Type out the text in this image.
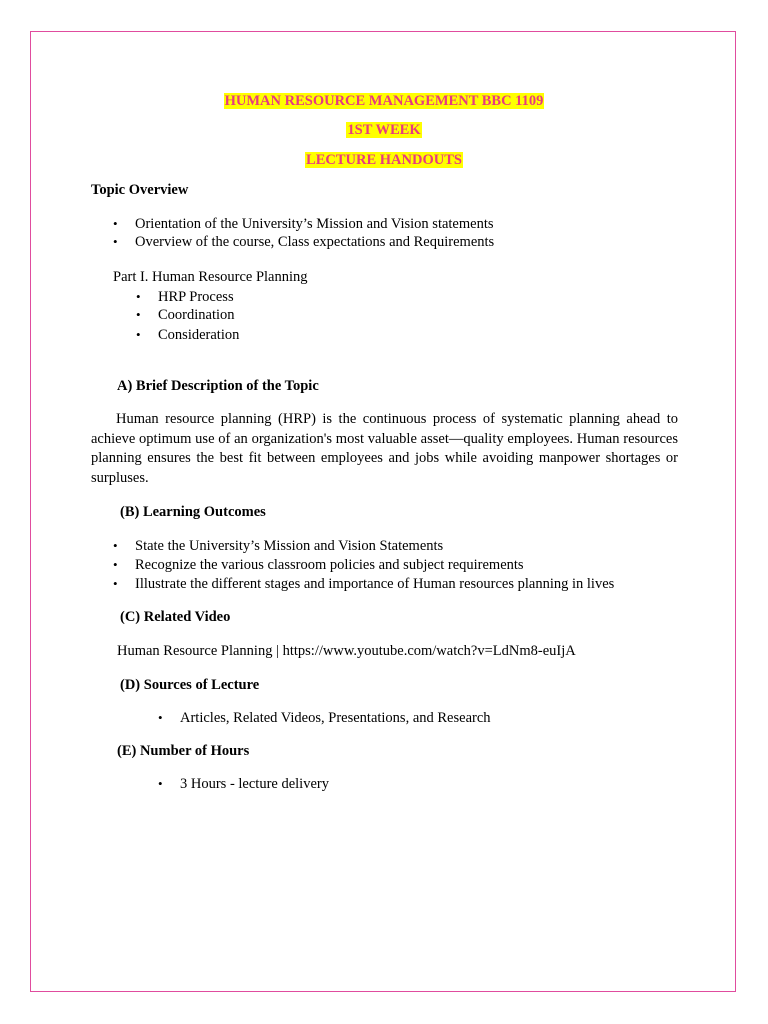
HUMAN RESOURCE MANAGEMENT BBC 1109
1ST WEEK
LECTURE HANDOUTS
Topic Overview
• Orientation of the University’s Mission and Vision statements
• Overview of the course, Class expectations and Requirements
Part I. Human Resource Planning
• HRP Process
• Coordination
• Consideration
A) Brief Description of the Topic
Human resource planning (HRP) is the continuous process of systematic planning ahead to achieve optimum use of an organization's most valuable asset—quality employees. Human resources planning ensures the best fit between employees and jobs while avoiding manpower shortages or surpluses.
(B) Learning Outcomes
• State the University’s Mission and Vision Statements
• Recognize the various classroom policies and subject requirements
• Illustrate the different stages and importance of Human resources planning in lives
(C) Related Video
Human Resource Planning | https://www.youtube.com/watch?v=LdNm8-euIjA
(D) Sources of Lecture
• Articles, Related Videos, Presentations, and Research
(E) Number of Hours
• 3 Hours - lecture delivery
